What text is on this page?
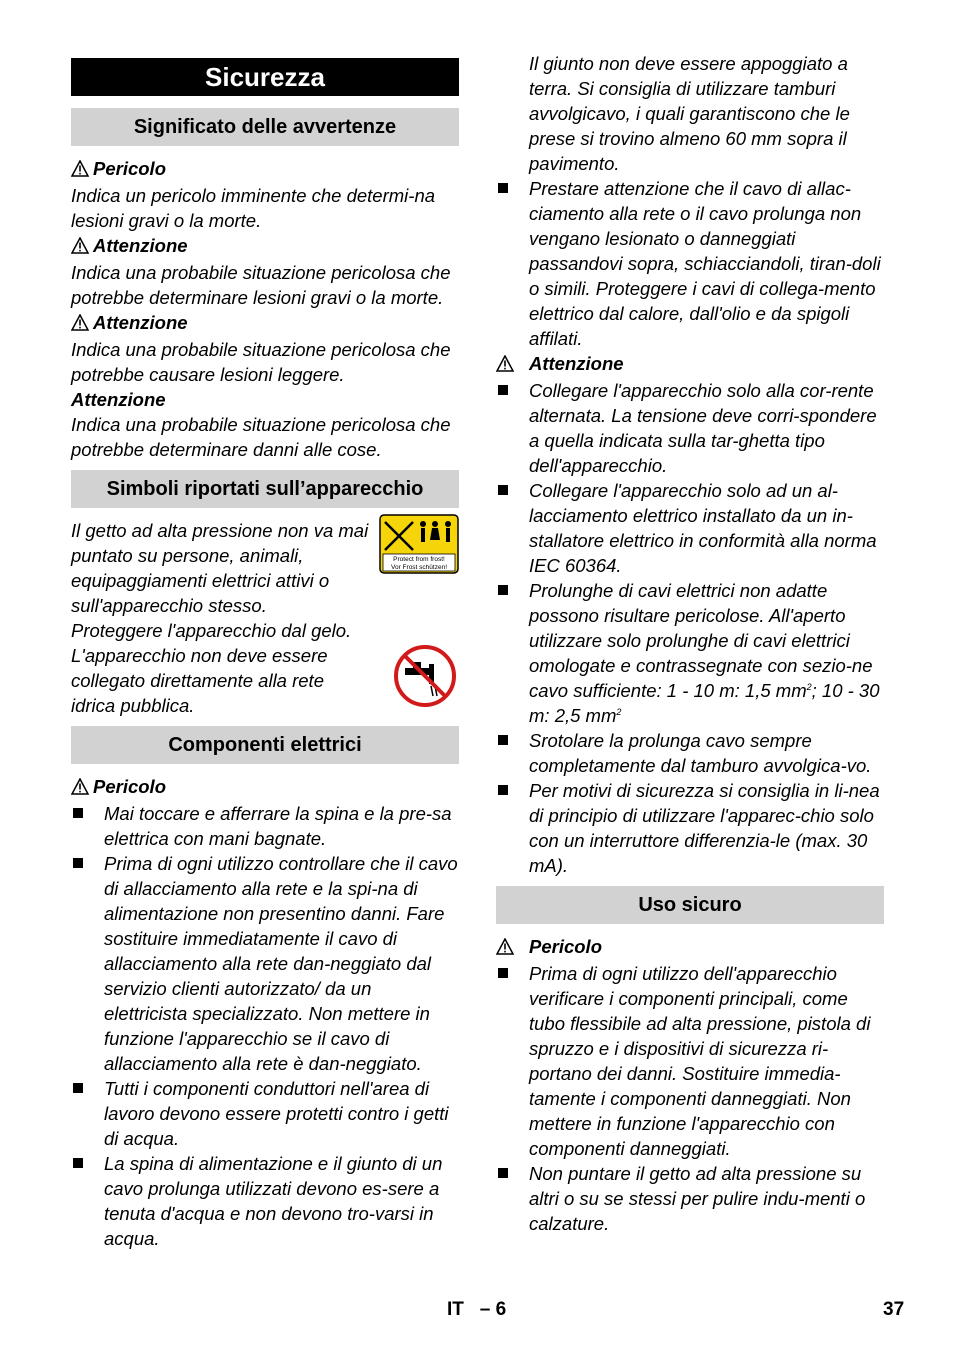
Sicurezza
Significato delle avvertenze
Pericolo

Indica un pericolo imminente che determi-na lesioni gravi o la morte.

Attenzione

Indica una probabile situazione pericolosa che potrebbe determinare lesioni gravi o la morte.

Attenzione

Indica una probabile situazione pericolosa che potrebbe causare lesioni leggere.

Attenzione

Indica una probabile situazione pericolosa che potrebbe determinare danni alle cose.

Simboli riportati sull’apparecchio
Protect from frost!
Vor Frost schützen!

Il getto ad alta pressione non va mai puntato su persone, animali, equipaggiamenti elettrici attivi o sull'apparecchio stesso.

Proteggere l'apparecchio dal gelo.

L'apparecchio non deve essere collegato direttamente alla rete idrica pubblica.

Componenti elettrici
Pericolo
Mai toccare e afferrare la spina e la pre-sa elettrica con mani bagnate.
Prima di ogni utilizzo controllare che il cavo di allacciamento alla rete e la spi-na di alimentazione non presentino danni. Fare sostituire immediatamente il cavo di allacciamento alla rete dan-neggiato dal servizio clienti autorizzato/ da un elettricista specializzato. Non mettere in funzione l'apparecchio se il cavo di allacciamento alla rete è dan-neggiato.
Tutti i componenti conduttori nell'area di lavoro devono essere protetti contro i getti di acqua.
La spina di alimentazione e il giunto di un cavo prolunga utilizzati devono es-sere a tenuta d'acqua e non devono tro-varsi in acqua.

Il giunto non deve essere appoggiato a terra. Si consiglia di utilizzare tamburi avvolgicavo, i quali garantiscono che le prese si trovino almeno 60 mm sopra il pavimento.

Prestare attenzione che il cavo di allac-ciamento alla rete o il cavo prolunga non vengano lesionato o danneggiati passandovi sopra, schiacciandoli, tiran-doli o simili. Proteggere i cavi di collega-mento elettrico dal calore, dall'olio e da spigoli affilati.
Attenzione
Collegare l'apparecchio solo alla cor-rente alternata. La tensione deve corri-spondere a quella indicata sulla tar-ghetta tipo dell'apparecchio.
Collegare l'apparecchio solo ad un al-lacciamento elettrico installato da un in-stallatore elettrico in conformità alla norma IEC 60364.
Prolunghe di cavi elettrici non adatte possono risultare pericolose. All'aperto utilizzare solo prolunghe di cavi elettrici omologate e contrassegnate con sezio-ne cavo sufficiente: 1 - 10 m: 1,5 $mm^2$; 10 - 30 m: 2,5 $mm^2$
Srotolare la prolunga cavo sempre completamente dal tamburo avvolgica-vo.
Per motivi di sicurezza si consiglia in li-nea di principio di utilizzare l'apparec-chio solo con un interruttore differenzia-le (max. 30 mA).
Uso sicuro
Pericolo
Prima di ogni utilizzo dell'apparecchio verificare i componenti principali, come tubo flessibile ad alta pressione, pistola di spruzzo e i dispositivi di sicurezza ri-portano dei danni. Sostituire immedia-tamente i componenti danneggiati. Non mettere in funzione l'apparecchio con componenti danneggiati.
Non puntare il getto ad alta pressione su altri o su se stessi per pulire indu-menti o calzature.
IT – 6	37
